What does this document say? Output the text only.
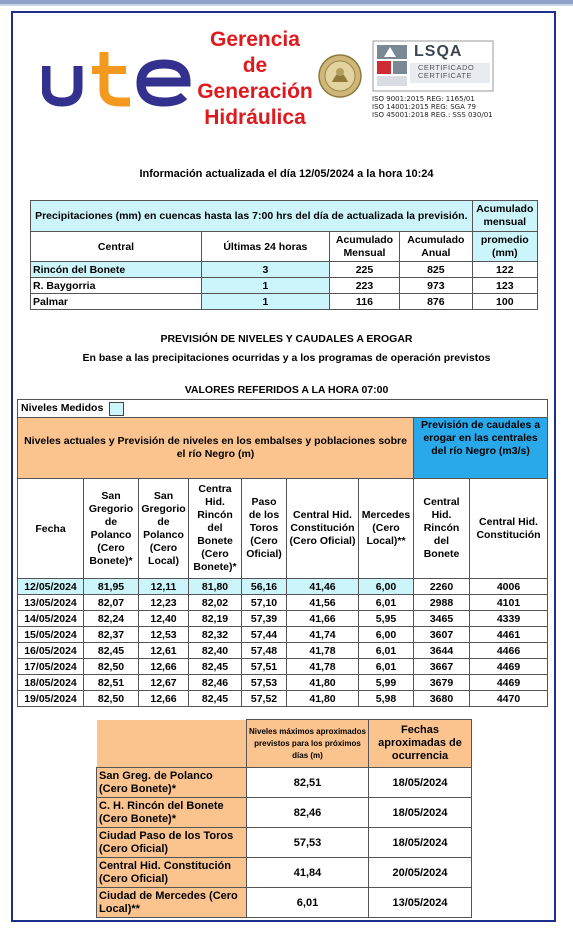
Gerencia
de
Generación
Hidráulica
LSQA
CERTIFICADO
CERTIFICATE
ISO 9001:2015 REG: 1165/01
ISO 14001:2015 REG: SGA 79
ISO 45001:2018 REG.: SSS 030/01
Información actualizada el día 12/05/2024 a la hora 10:24
Precipitaciones (mm) en cuencas hasta las 7:00 hrs del día de actualizada la previsión.				Acumulado mensual
Central	Últimas 24 horas	Acumulado Mensual	Acumulado Anual	promedio (mm)
Rincón del Bonete	3	225	825	122
R. Baygorria	1	223	973	123
Palmar	1	116	876	100
PREVISIÓN DE NIVELES Y CAUDALES A EROGAR
En base a las precipitaciones ocurridas y a los programas de operación previstos
VALORES REFERIDOS A LA HORA 07:00
Niveles Medidos								
Niveles actuales y Previsión de niveles en los embalses y poblaciones sobre el río Negro (m)							Previsión de caudales a erogar en las centrales del río Negro (m3/s)	
Fecha	San Gregorio de Polanco (Cero Bonete)*	San Gregorio de Polanco (Cero Local)	Centra Hid. Rincón del Bonete (Cero Bonete)*	Paso de los Toros (Cero Oficial)	Central Hid. Constitución (Cero Oficial)	Mercedes (Cero Local)**	Central Hid. Rincón del Bonete	Central Hid. Constitución
12/05/2024	81,95	12,11	81,80	56,16	41,46	6,00	2260	4006
13/05/2024	82,07	12,23	82,02	57,10	41,56	6,01	2988	4101
14/05/2024	82,24	12,40	82,19	57,39	41,66	5,95	3465	4339
15/05/2024	82,37	12,53	82,32	57,44	41,74	6,00	3607	4461
16/05/2024	82,45	12,61	82,40	57,48	41,78	6,01	3644	4466
17/05/2024	82,50	12,66	82,45	57,51	41,78	6,01	3667	4469
18/05/2024	82,51	12,67	82,46	57,53	41,80	5,99	3679	4469
19/05/2024	82,50	12,66	82,45	57,52	41,80	5,98	3680	4470
	Niveles máximos aproximados previstos para los próximos días (m)	Fechas aproximadas de ocurrencia
San Greg. de Polanco (Cero Bonete)*	82,51	18/05/2024
C. H. Rincón del Bonete (Cero Bonete)*	82,46	18/05/2024
Ciudad Paso de los Toros (Cero Oficial)	57,53	18/05/2024
Central Hid. Constitución (Cero Oficial)	41,84	20/05/2024
Ciudad de Mercedes (Cero Local)**	6,01	13/05/2024
